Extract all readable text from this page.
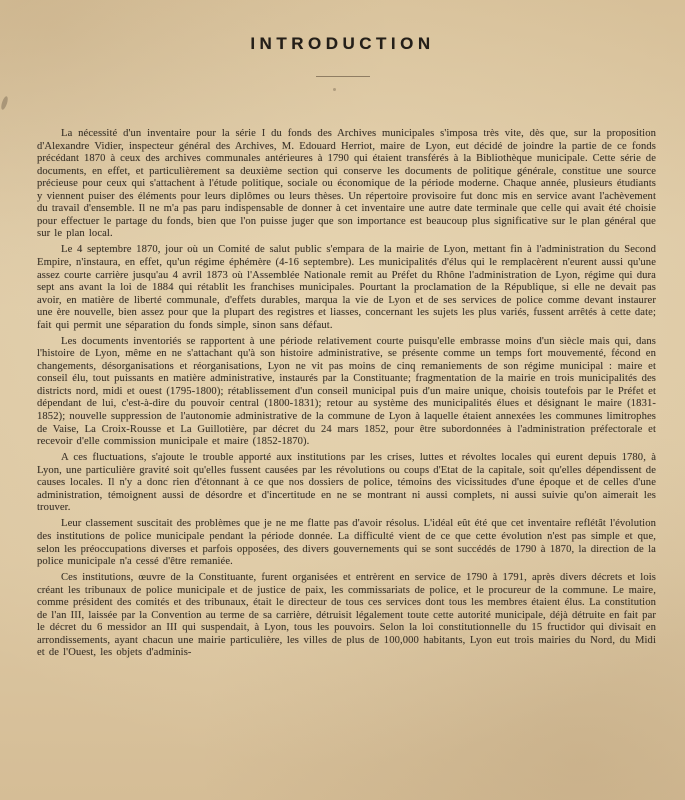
INTRODUCTION

La nécessité d'un inventaire pour la série I du fonds des Archives municipales s'imposa très vite, dès que, sur la proposition d'Alexandre Vidier, inspecteur général des Archives, M. Edouard Herriot, maire de Lyon, eut décidé de joindre la partie de ce fonds précédant 1870 à ceux des archives communales antérieures à 1790 qui étaient transférés à la Bibliothèque municipale. Cette série de documents, en effet, et particulièrement sa deuxième section qui conserve les documents de politique générale, constitue une source précieuse pour ceux qui s'attachent à l'étude politique, sociale ou économique de la période moderne. Chaque année, plusieurs étudiants y viennent puiser des éléments pour leurs diplômes ou leurs thèses. Un répertoire provisoire fut donc mis en service avant l'achèvement du travail d'ensemble. Il ne m'a pas paru indispensable de donner à cet inventaire une autre date terminale que celle qui avait été choisie pour effectuer le partage du fonds, bien que l'on puisse juger que son importance est beaucoup plus significative sur le plan général que sur le plan local.

Le 4 septembre 1870, jour où un Comité de salut public s'empara de la mairie de Lyon, mettant fin à l'administration du Second Empire, n'instaura, en effet, qu'un régime éphémère (4-16 septembre). Les municipalités d'élus qui le remplacèrent n'eurent aussi qu'une assez courte carrière jusqu'au 4 avril 1873 où l'Assemblée Nationale remit au Préfet du Rhône l'administration de Lyon, régime qui dura sept ans avant la loi de 1884 qui rétablit les franchises municipales. Pourtant la proclamation de la République, si elle ne devait pas avoir, en matière de liberté communale, d'effets durables, marqua la vie de Lyon et de ses services de police comme devant instaurer une ère nouvelle, bien assez pour que la plupart des registres et liasses, concernant les sujets les plus variés, fussent arrêtés à cette date; fait qui permit une séparation du fonds simple, sinon sans défaut.

Les documents inventoriés se rapportent à une période relativement courte puisqu'elle embrasse moins d'un siècle mais qui, dans l'histoire de Lyon, même en ne s'attachant qu'à son histoire administrative, se présente comme un temps fort mouvementé, fécond en changements, désorganisations et réorganisations, Lyon ne vit pas moins de cinq remaniements de son régime municipal : maire et conseil élu, tout puissants en matière administrative, instaurés par la Constituante; fragmentation de la mairie en trois municipalités des districts nord, midi et ouest (1795-1800); rétablissement d'un conseil municipal puis d'un maire unique, choisis toutefois par le Préfet et dépendant de lui, c'est-à-dire du pouvoir central (1800-1831); retour au système des municipalités élues et désignant le maire (1831-1852); nouvelle suppression de l'autonomie administrative de la commune de Lyon à laquelle étaient annexées les communes limitrophes de Vaise, La Croix-Rousse et La Guillotière, par décret du 24 mars 1852, pour être subordonnées à l'administration préfectorale et recevoir d'elle commission municipale et maire (1852-1870).

A ces fluctuations, s'ajoute le trouble apporté aux institutions par les crises, luttes et révoltes locales qui eurent depuis 1780, à Lyon, une particulière gravité soit qu'elles fussent causées par les révolutions ou coups d'Etat de la capitale, soit qu'elles dépendissent de causes locales. Il n'y a donc rien d'étonnant à ce que nos dossiers de police, témoins des vicissitudes d'une époque et de celles d'une administration, témoignent aussi de désordre et d'incertitude en ne se montrant ni aussi complets, ni aussi suivie qu'on aimerait les trouver.

Leur classement suscitait des problèmes que je ne me flatte pas d'avoir résolus. L'idéal eût été que cet inventaire reflétât l'évolution des institutions de police municipale pendant la période donnée. La difficulté vient de ce que cette évolution n'est pas simple et que, selon les préoccupations diverses et parfois opposées, des divers gouvernements qui se sont succédés de 1790 à 1870, la direction de la police municipale n'a cessé d'être remaniée.

Ces institutions, œuvre de la Constituante, furent organisées et entrèrent en service de 1790 à 1791, après divers décrets et lois créant les tribunaux de police municipale et de justice de paix, les commissariats de police, et le procureur de la commune. Le maire, comme président des comités et des tribunaux, était le directeur de tous ces services dont tous les membres étaient élus. La constitution de l'an III, laissée par la Convention au terme de sa carrière, détruisit légalement toute cette autorité municipale, déjà détruite en fait par le décret du 6 messidor an III qui suspendait, à Lyon, tous les pouvoirs. Selon la loi constitutionnelle du 15 fructidor qui divisait en arrondissements, ayant chacun une mairie particulière, les villes de plus de 100,000 habitants, Lyon eut trois mairies du Nord, du Midi et de l'Ouest, les objets d'adminis-
